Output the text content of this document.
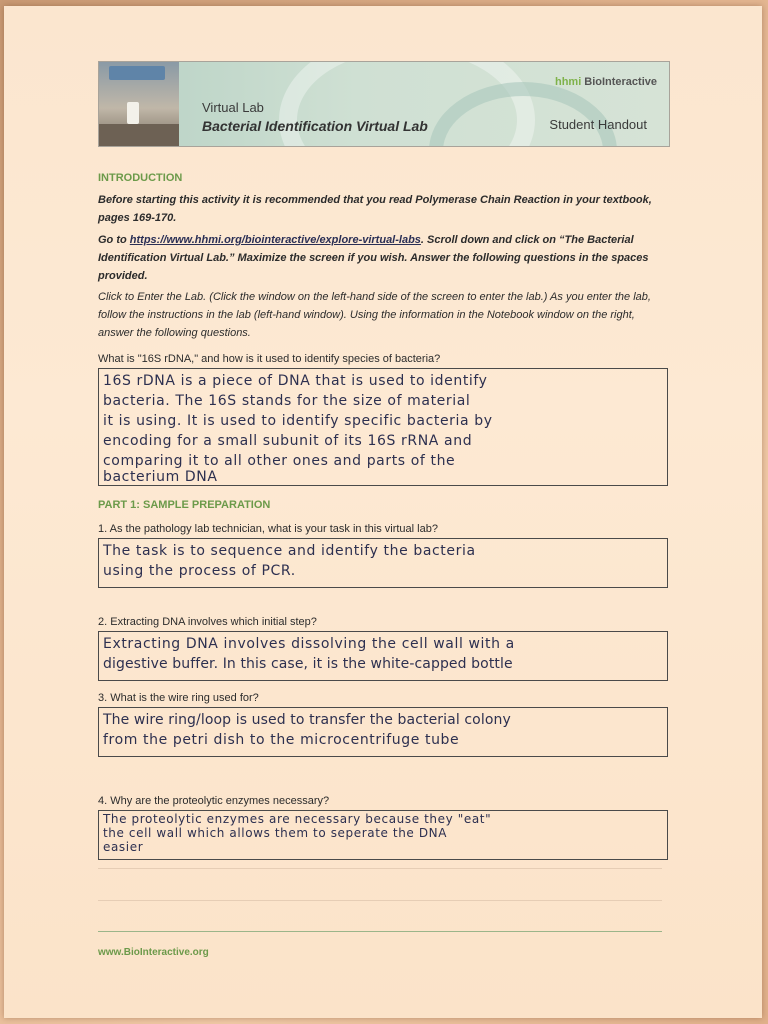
Virtual Lab
Bacterial Identification Virtual Lab
hhmi BioInteractive
Student Handout
INTRODUCTION
Before starting this activity it is recommended that you read Polymerase Chain Reaction in your textbook, pages 169-170.
Go to https://www.hhmi.org/biointeractive/explore-virtual-labs. Scroll down and click on “The Bacterial Identification Virtual Lab.” Maximize the screen if you wish. Answer the following questions in the spaces provided.
Click to Enter the Lab. (Click the window on the left-hand side of the screen to enter the lab.) As you enter the lab, follow the instructions in the lab (left-hand window). Using the information in the Notebook window on the right, answer the following questions.
What is "16S rDNA," and how is it used to identify species of bacteria?
16S rDNA is a piece of DNA that is used to identify
bacteria. The 16S stands for the size of material
it is using. It is used to identify specific bacteria by
encoding for a small subunit of its 16S rRNA and
comparing it to all other ones and parts of the
bacterium DNA
PART 1: SAMPLE PREPARATION
1. As the pathology lab technician, what is your task in this virtual lab?
The task is to sequence and identify the bacteria
using the process of PCR.
2. Extracting DNA involves which initial step?
Extracting DNA involves dissolving the cell wall with a
digestive buffer. In this case, it is the white-capped bottle
3. What is the wire ring used for?
The wire ring/loop is used to transfer the bacterial colony
from the petri dish to the microcentrifuge tube
4. Why are the proteolytic enzymes necessary?
The proteolytic enzymes are necessary because they "eat"
the cell wall which allows them to seperate the DNA
easier
www.BioInteractive.org
